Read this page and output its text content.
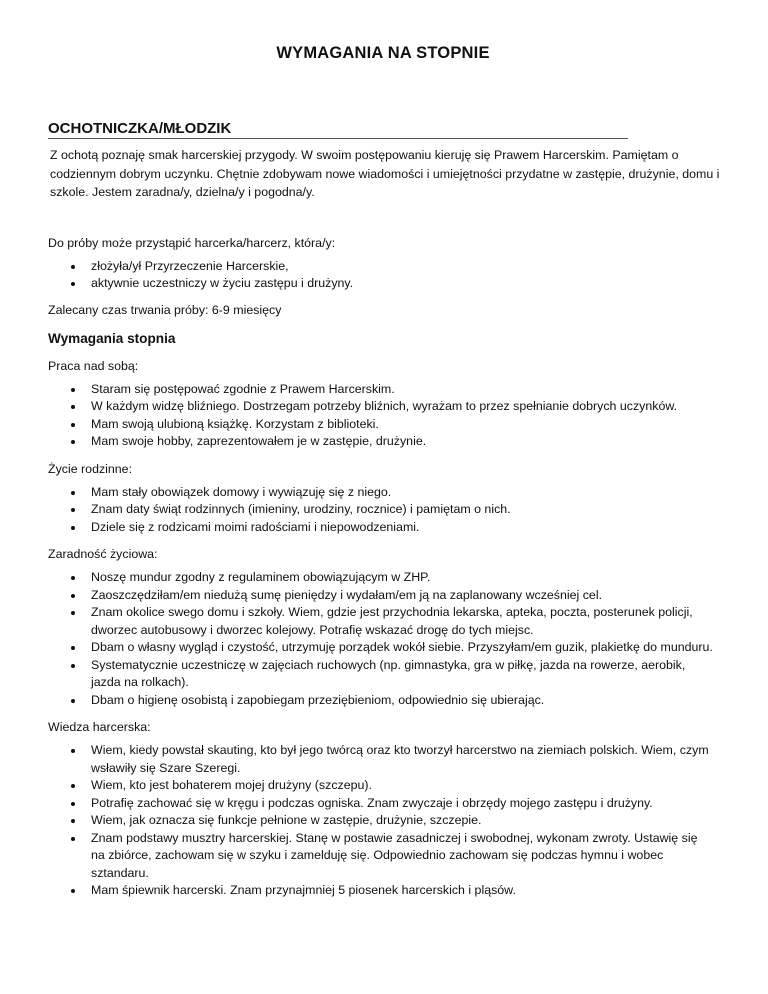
WYMAGANIA NA STOPNIE
OCHOTNICZKA/MŁODZIK

Z ochotą poznaję smak harcerskiej przygody. W swoim postępowaniu kieruję się Prawem Harcerskim. Pamiętam o codziennym dobrym uczynku. Chętnie zdobywam nowe wiadomości i umiejętności przydatne w zastępie, drużynie, domu i szkole. Jestem zaradna/y, dzielna/y i pogodna/y.

Do próby może przystąpić harcerka/harcerz, która/y:

złożyła/ył Przyrzeczenie Harcerskie,
aktywnie uczestniczy w życiu zastępu i drużyny.

Zalecany czas trwania próby: 6-9 miesięcy

Wymagania stopnia

Praca nad sobą:

Staram się postępować zgodnie z Prawem Harcerskim.
W każdym widzę bliźniego. Dostrzegam potrzeby bliźnich, wyrażam to przez spełnianie dobrych uczynków.
Mam swoją ulubioną książkę. Korzystam z biblioteki.
Mam swoje hobby, zaprezentowałem je w zastępie, drużynie.

Życie rodzinne:

Mam stały obowiązek domowy i wywiązuję się z niego.
Znam daty świąt rodzinnych (imieniny, urodziny, rocznice) i pamiętam o nich.
Dziele się z rodzicami moimi radościami i niepowodzeniami.

Zaradność życiowa:

Noszę mundur zgodny z regulaminem obowiązującym w ZHP.
Zaoszczędziłam/em niedużą sumę pieniędzy i wydałam/em ją na zaplanowany wcześniej cel.
Znam okolice swego domu i szkoły. Wiem, gdzie jest przychodnia lekarska, apteka, poczta, posterunek policji, dworzec autobusowy i dworzec kolejowy. Potrafię wskazać drogę do tych miejsc.
Dbam o własny wygląd i czystość, utrzymuję porządek wokół siebie. Przyszyłam/em guzik, plakietkę do munduru.
Systematycznie uczestniczę w zajęciach ruchowych (np. gimnastyka, gra w piłkę, jazda na rowerze, aerobik, jazda na rolkach).
Dbam o higienę osobistą i zapobiegam przeziębieniom, odpowiednio się ubierając.

Wiedza harcerska:

Wiem, kiedy powstał skauting, kto był jego twórcą oraz kto tworzył harcerstwo na ziemiach polskich. Wiem, czym wsławiły się Szare Szeregi.
Wiem, kto jest bohaterem mojej drużyny (szczepu).
Potrafię zachować się w kręgu i podczas ogniska. Znam zwyczaje i obrzędy mojego zastępu i drużyny.
Wiem, jak oznacza się funkcje pełnione w zastępie, drużynie, szczepie.
Znam podstawy musztry harcerskiej. Stanę w postawie zasadniczej i swobodnej, wykonam zwroty. Ustawię się na zbiórce, zachowam się w szyku i zamelduję się. Odpowiednio zachowam się podczas hymnu i wobec sztandaru.
Mam śpiewnik harcerski. Znam przynajmniej 5 piosenek harcerskich i pląsów.
